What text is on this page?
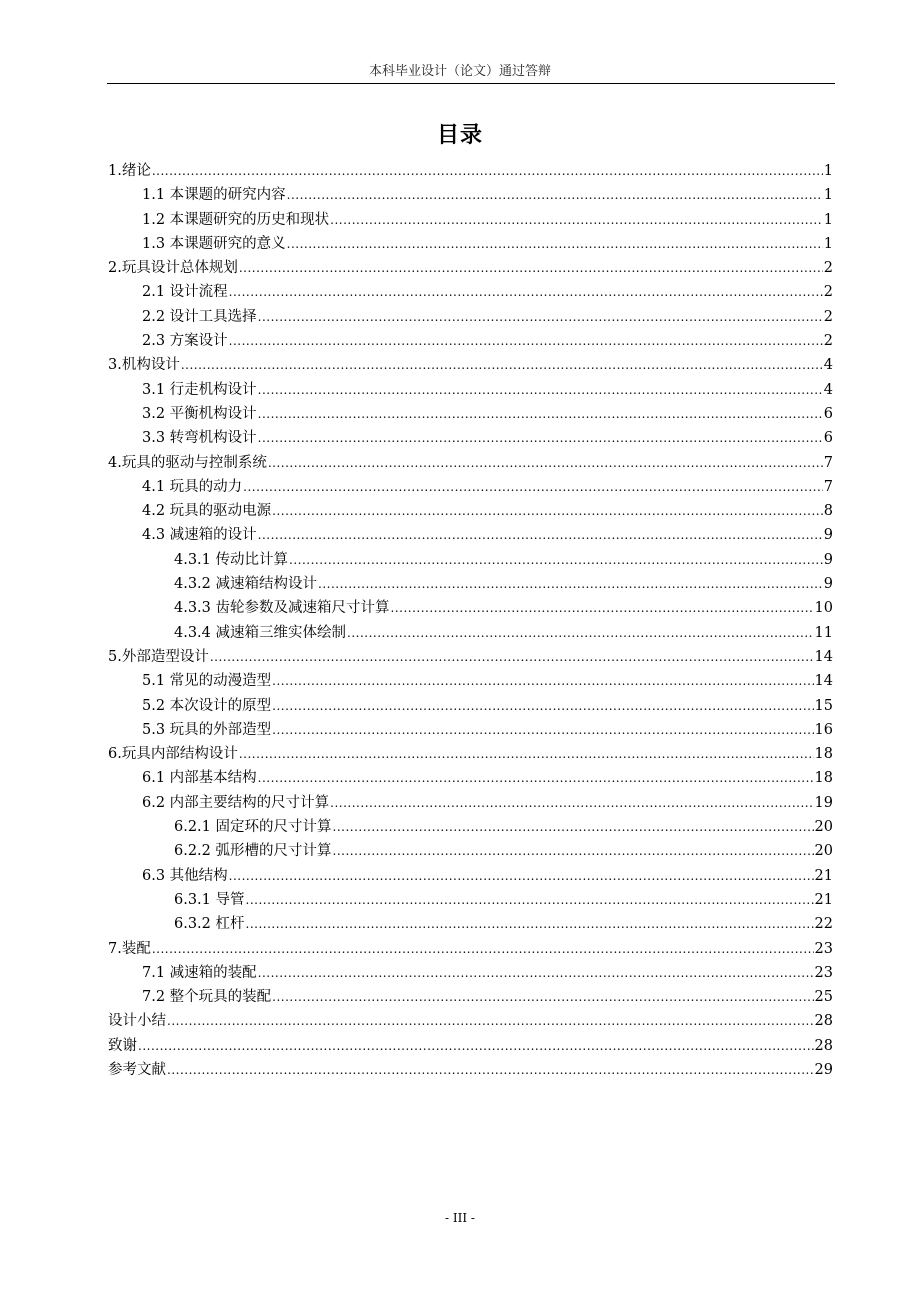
本科毕业设计（论文）通过答辩
目录
1.绪论 .....	1
1.1 本课题的研究内容 .....	1
1.2 本课题研究的历史和现状 .....	1
1.3 本课题研究的意义 .....	1
2.玩具设计总体规划 .....	2
2.1 设计流程 .....	2
2.2 设计工具选择 .....	2
2.3 方案设计 .....	2
3.机构设计 .....	4
3.1 行走机构设计 .....	4
3.2 平衡机构设计 .....	6
3.3 转弯机构设计 .....	6
4.玩具的驱动与控制系统 .....	7
4.1 玩具的动力 .....	7
4.2 玩具的驱动电源 .....	8
4.3 减速箱的设计 .....	9
4.3.1 传动比计算 .....	9
4.3.2 减速箱结构设计 .....	9
4.3.3 齿轮参数及减速箱尺寸计算 .....	10
4.3.4 减速箱三维实体绘制 .....	11
5.外部造型设计 .....	14
5.1 常见的动漫造型 .....	14
5.2 本次设计的原型 .....	15
5.3 玩具的外部造型 .....	16
6.玩具内部结构设计 .....	18
6.1 内部基本结构 .....	18
6.2 内部主要结构的尺寸计算 .....	19
6.2.1 固定环的尺寸计算 .....	20
6.2.2 弧形槽的尺寸计算 .....	20
6.3 其他结构 .....	21
6.3.1 导管 .....	21
6.3.2 杠杆 .....	22
7.装配 .....	23
7.1 减速箱的装配 .....	23
7.2 整个玩具的装配 .....	25
设计小结 .....	28
致谢 .....	28
参考文献 .....	29
- III -
